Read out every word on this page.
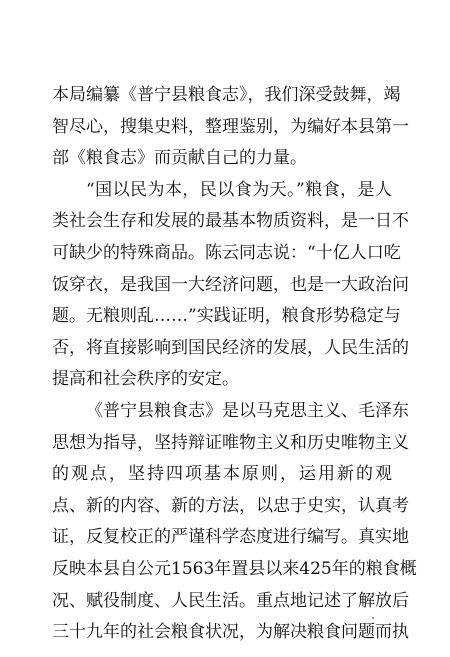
本局编纂《普宁县粮食志》，我们深受鼓舞，竭
智尽心，搜集史料，整理鉴别，为编好本县第一
部《粮食志》而贡献自己的力量。
“国以民为本，民以食为天。”粮食，是人
类社会生存和发展的最基本物质资料，是一日不
可缺少的特殊商品。陈云同志说：“十亿人口吃
饭穿衣，是我国一大经济问题，也是一大政治问
题。无粮则乱……”实践证明，粮食形势稳定与
否，将直接影响到国民经济的发展，人民生活的
提高和社会秩序的安定。
《普宁县粮食志》是以马克思主义、毛泽东
思想为指导，坚持辩证唯物主义和历史唯物主义
的观点，坚持四项基本原则，运用新的观
点、新的内容、新的方法，以忠于史实，认真考
证，反复校正的严谨科学态度进行编写。真实地
反映本县自公元1563年置县以来425年的粮食概
况、赋役制度、人民生活。重点地记述了解放后
三十九年的社会粮食状况，为解决粮食问题而执
